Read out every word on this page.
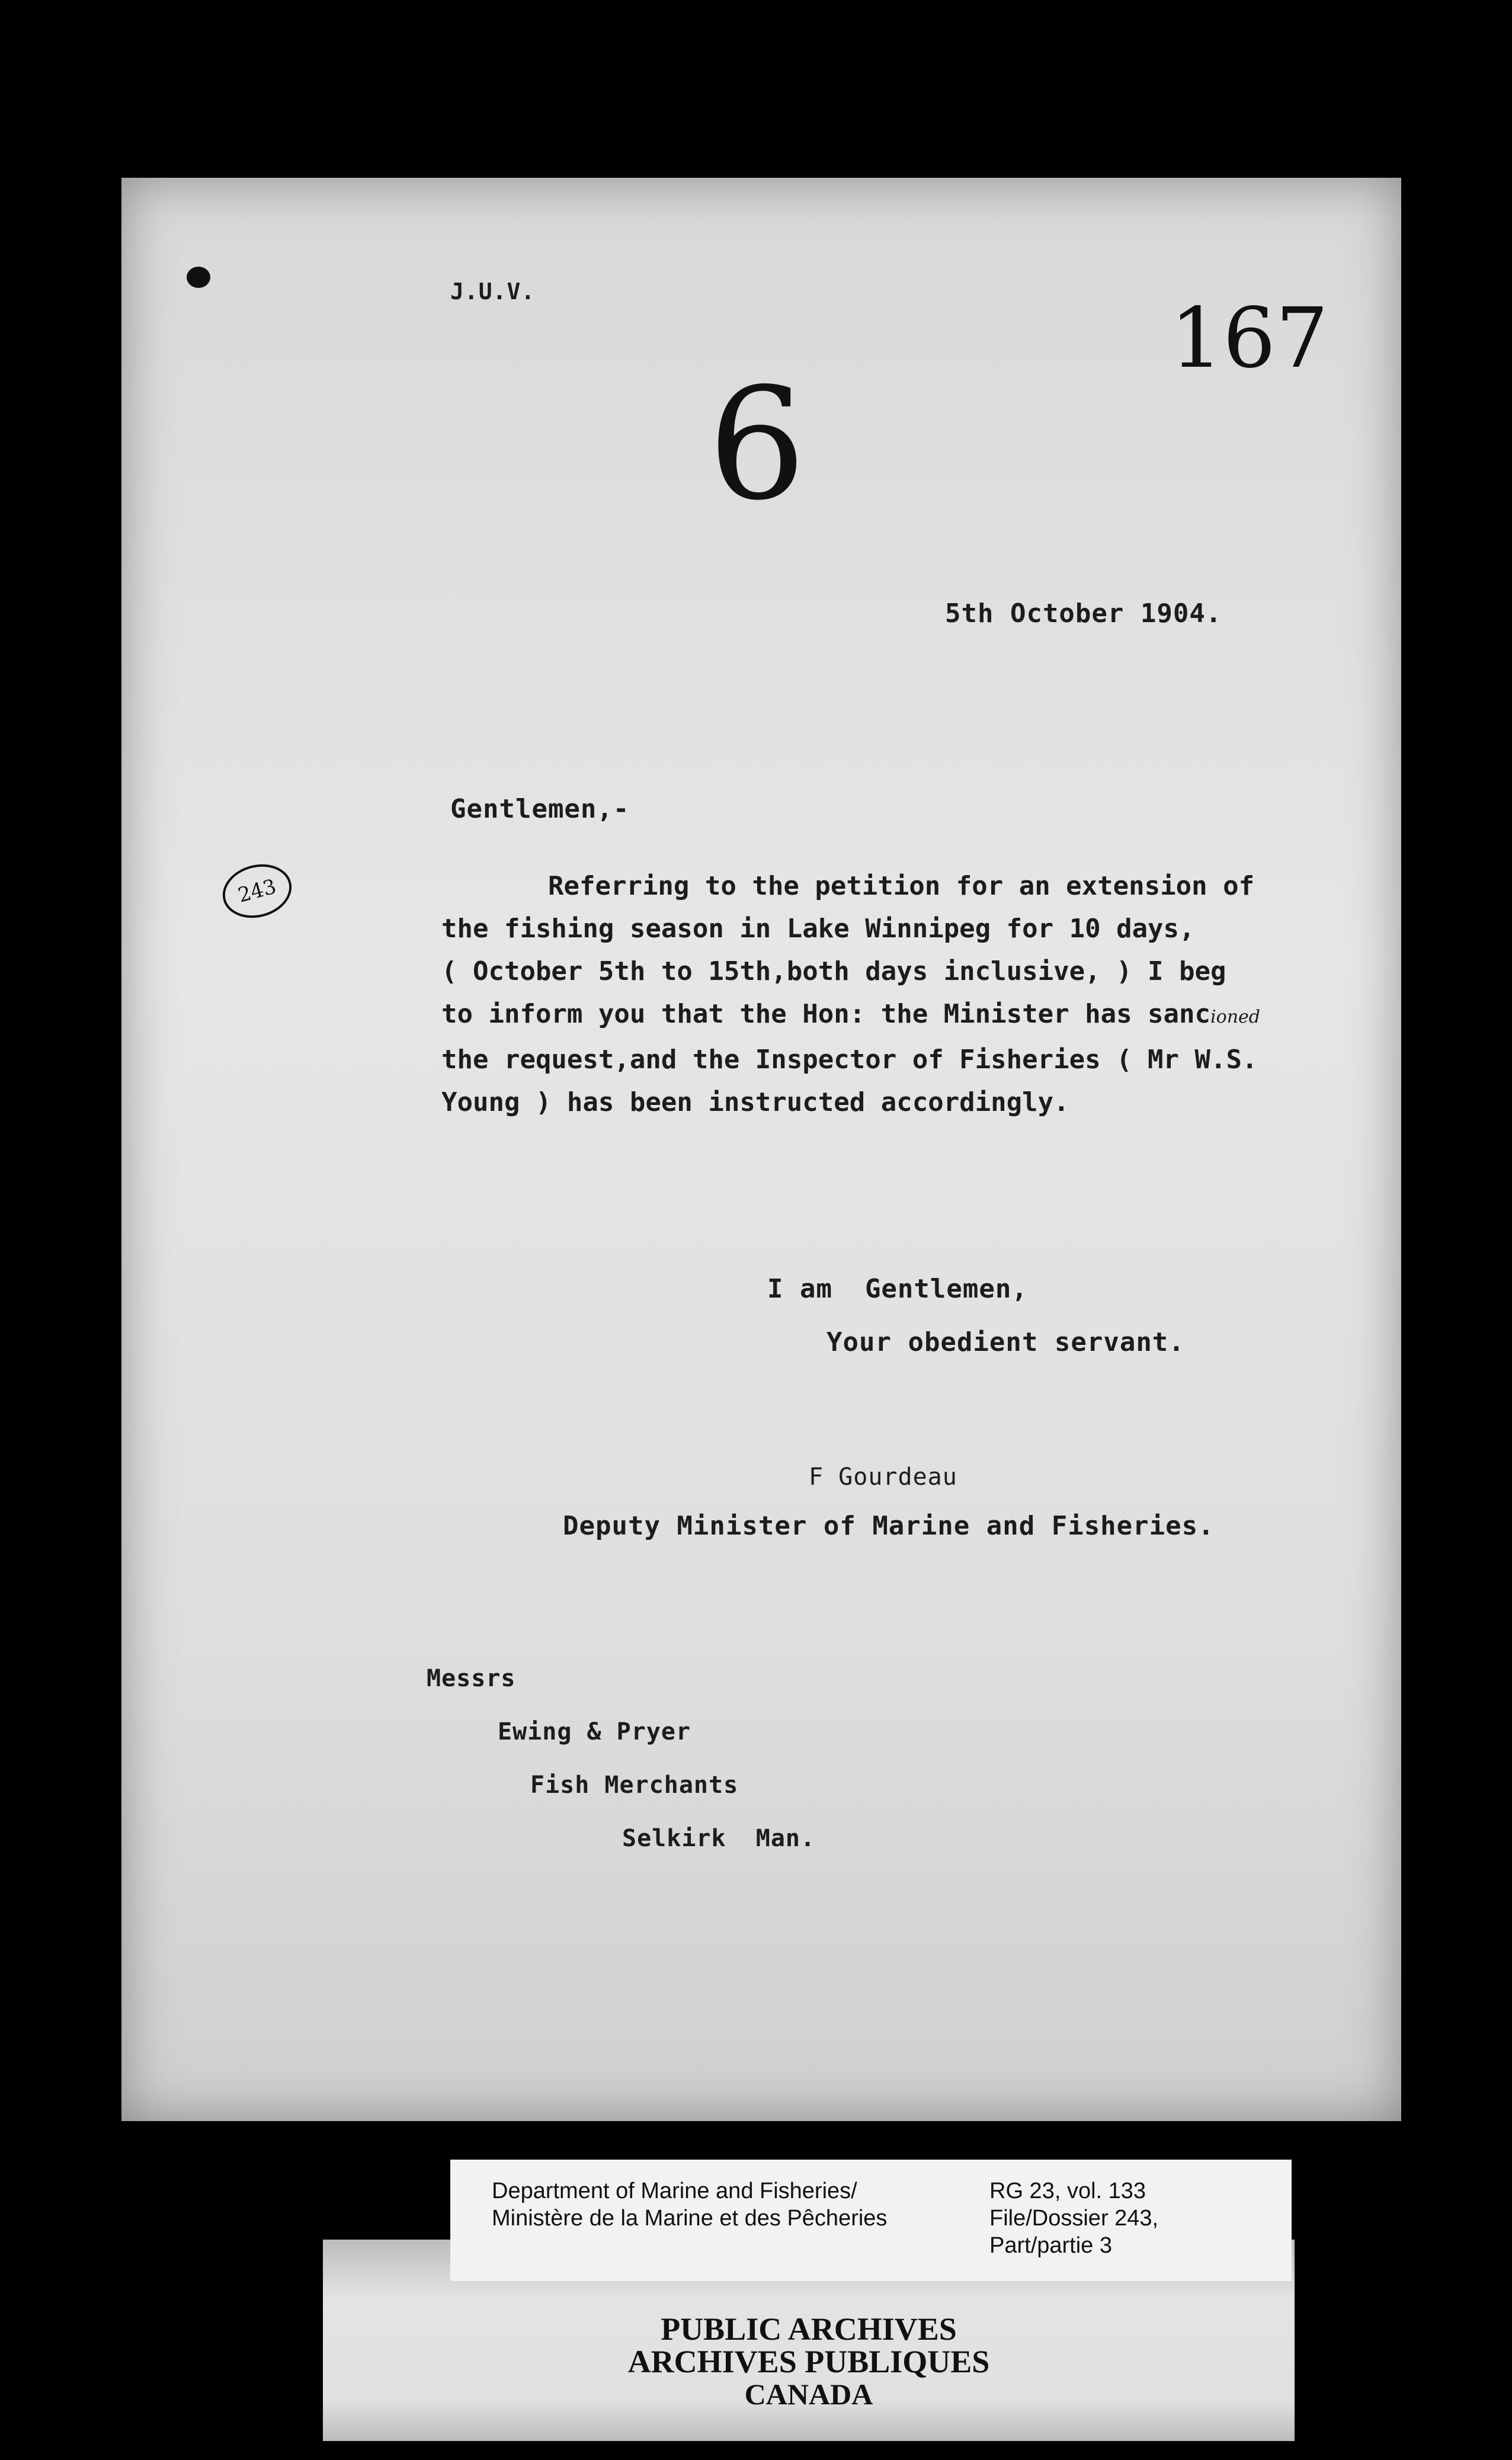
J.U.V.	167
6
5th October 1904.
Gentlemen,-
243	Referring to the petition for an extension of
the fishing season in Lake Winnipeg for 10 days,
( October 5th to 15th,both days inclusive, ) I beg
to inform you that the Hon: the Minister has sancioned
the request,and the Inspector of Fisheries ( Mr W.S.
Young ) has been instructed accordingly.
I am  Gentlemen,
Your obedient servant.
F Gourdeau
Deputy Minister of Marine and Fisheries.
Messrs
Ewing & Pryer
Fish Merchants
Selkirk  Man.
PUBLIC ARCHIVES
ARCHIVES PUBLIQUES
CANADA
Department of Marine and Fisheries/
Ministère de la Marine et des Pêcheries
RG 23, vol. 133
File/Dossier 243,
Part/partie 3
